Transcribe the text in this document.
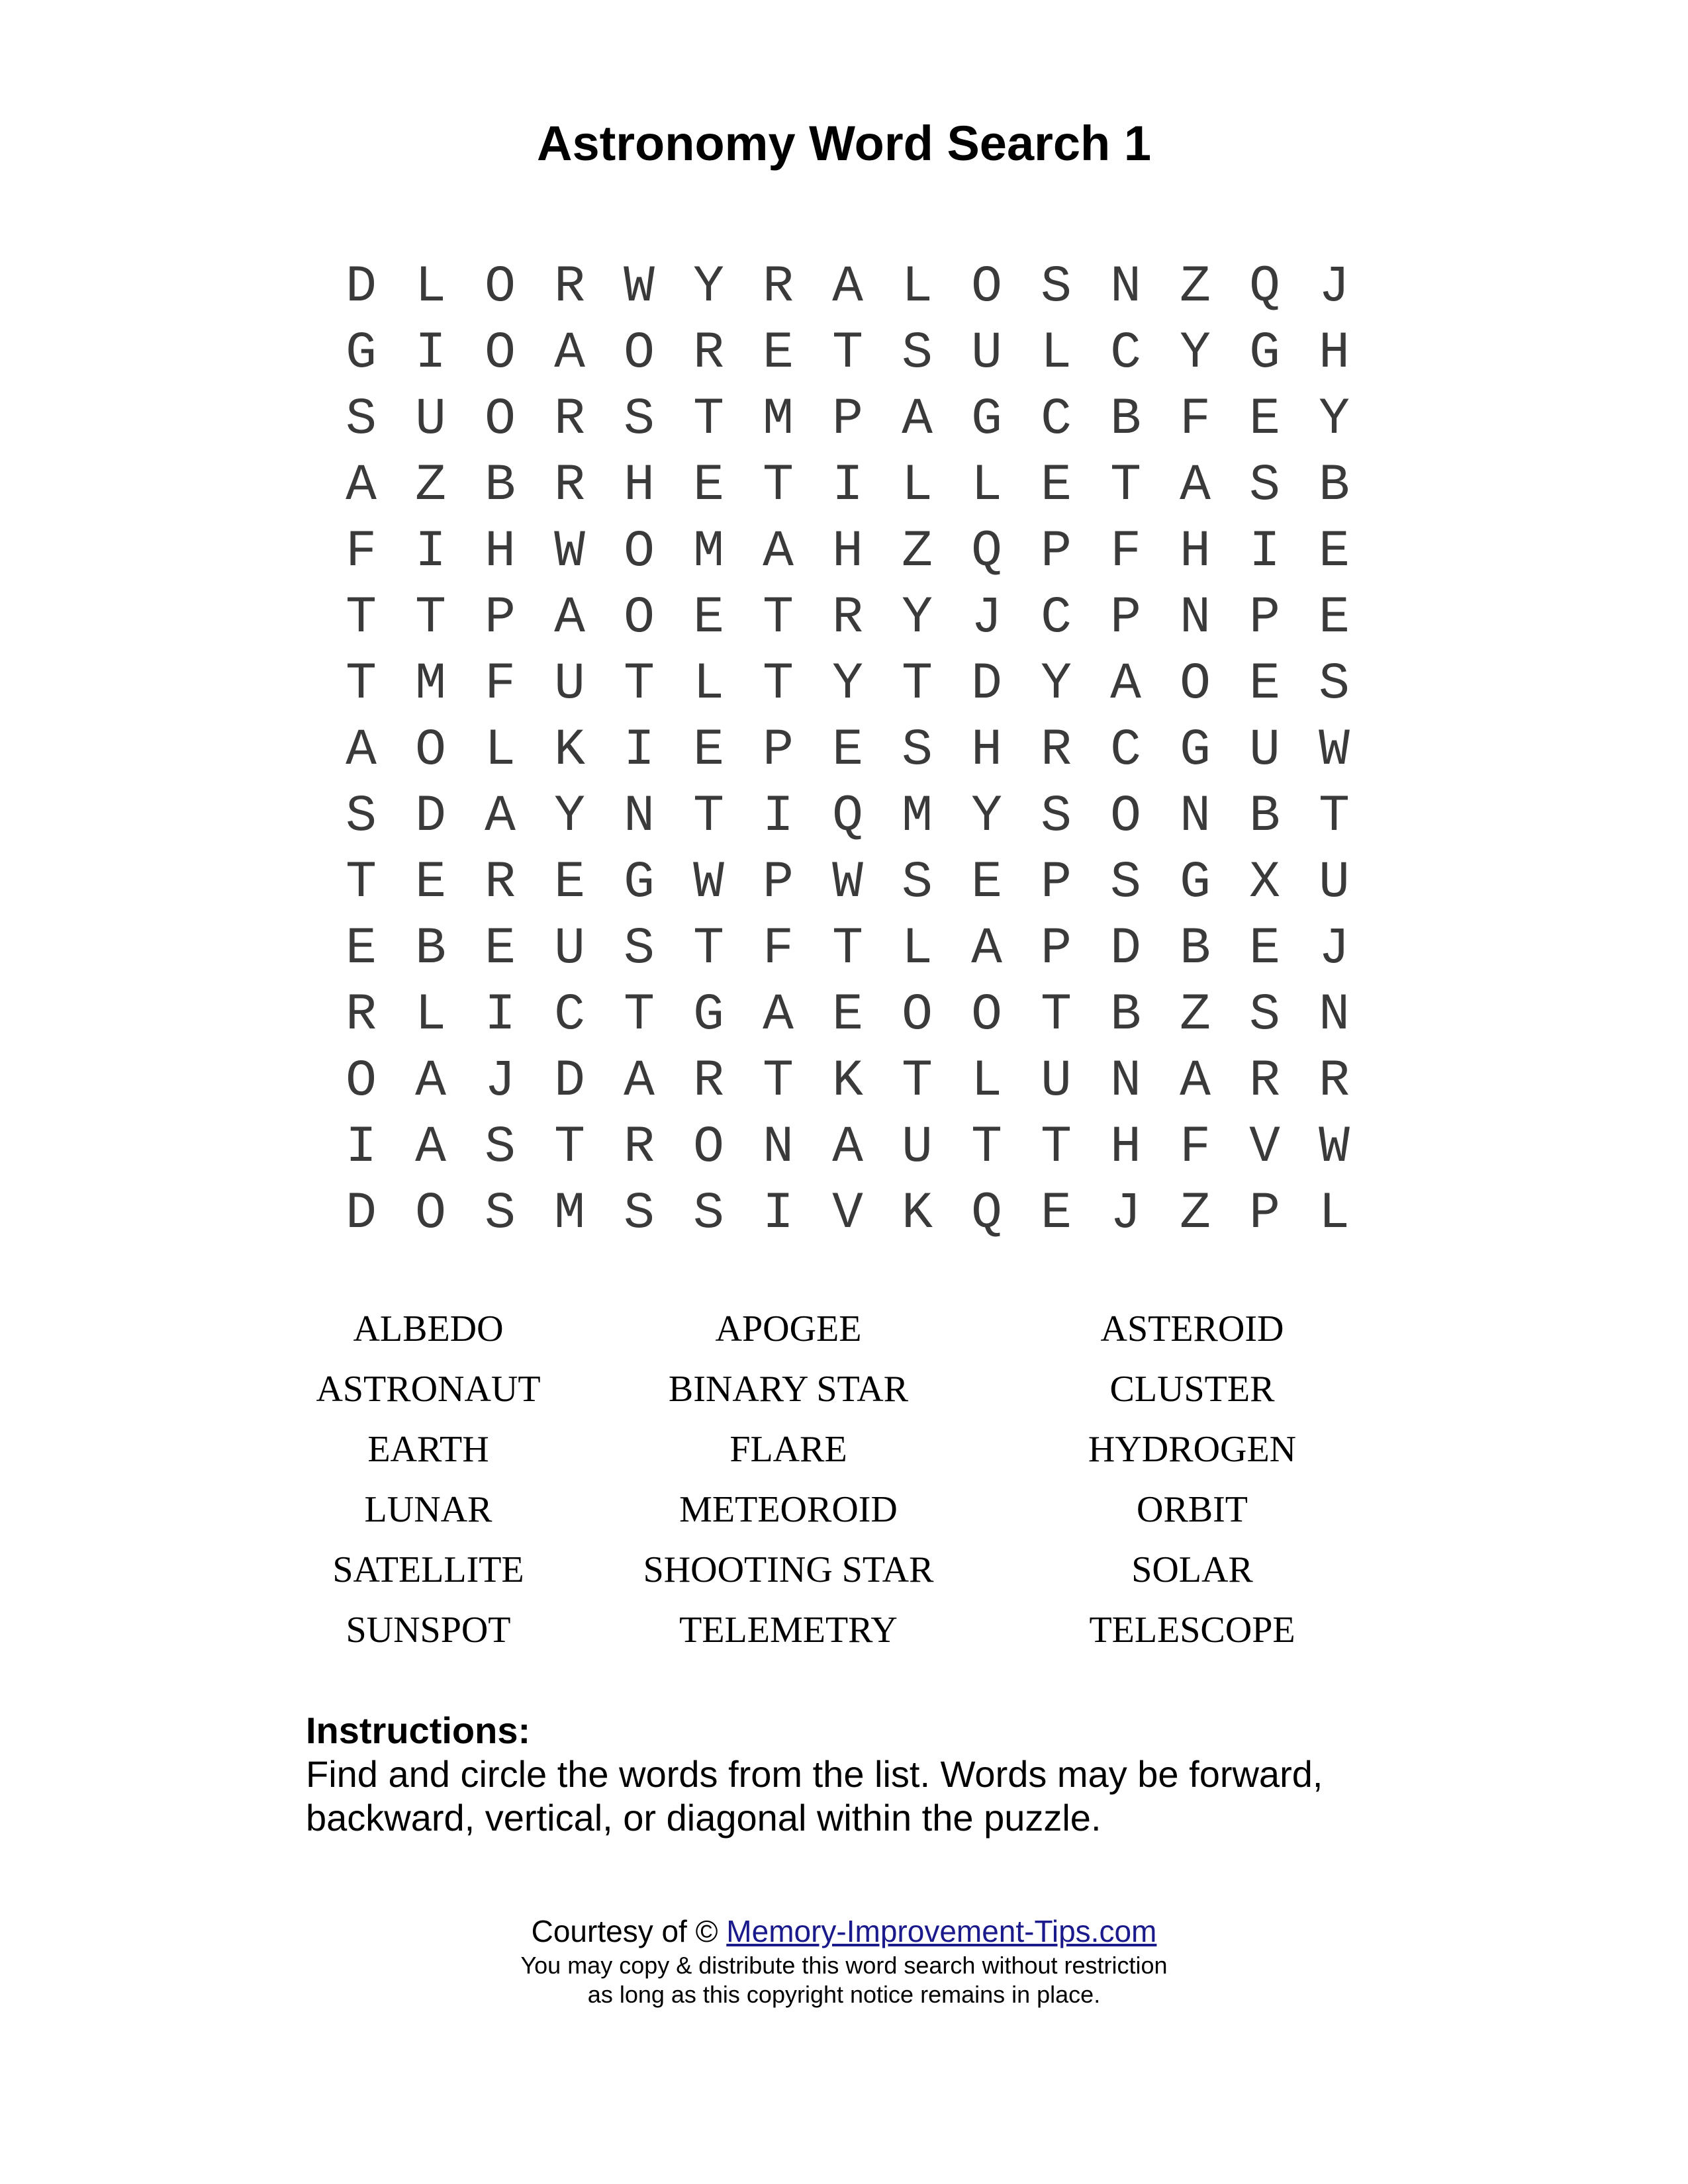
Astronomy Word Search 1
D L O R W Y R A L O S N Z Q J
G I O A O R E T S U L C Y G H
S U O R S T M P A G C B F E Y
A Z B R H E T I L L E T A S B
F I H W O M A H Z Q P F H I E
T T P A O E T R Y J C P N P E
T M F U T L T Y T D Y A O E S
A O L K I E P E S H R C G U W
S D A Y N T I Q M Y S O N B T
T E R E G W P W S E P S G X U
E B E U S T F T L A P D B E J
R L I C T G A E O O T B Z S N
O A J D A R T K T L U N A R R
I A S T R O N A U T T H F V W
D O S M S S I V K Q E J Z P L
ALBEDO	APOGEE	ASTEROID
ASTRONAUT	BINARY STAR	CLUSTER
EARTH	FLARE	HYDROGEN
LUNAR	METEOROID	ORBIT
SATELLITE	SHOOTING STAR	SOLAR
SUNSPOT	TELEMETRY	TELESCOPE
Instructions:
Find and circle the words from the list. Words may be forward,
backward, vertical, or diagonal within the puzzle.
Courtesy of © Memory-Improvement-Tips.com
You may copy & distribute this word search without restriction
as long as this copyright notice remains in place.
